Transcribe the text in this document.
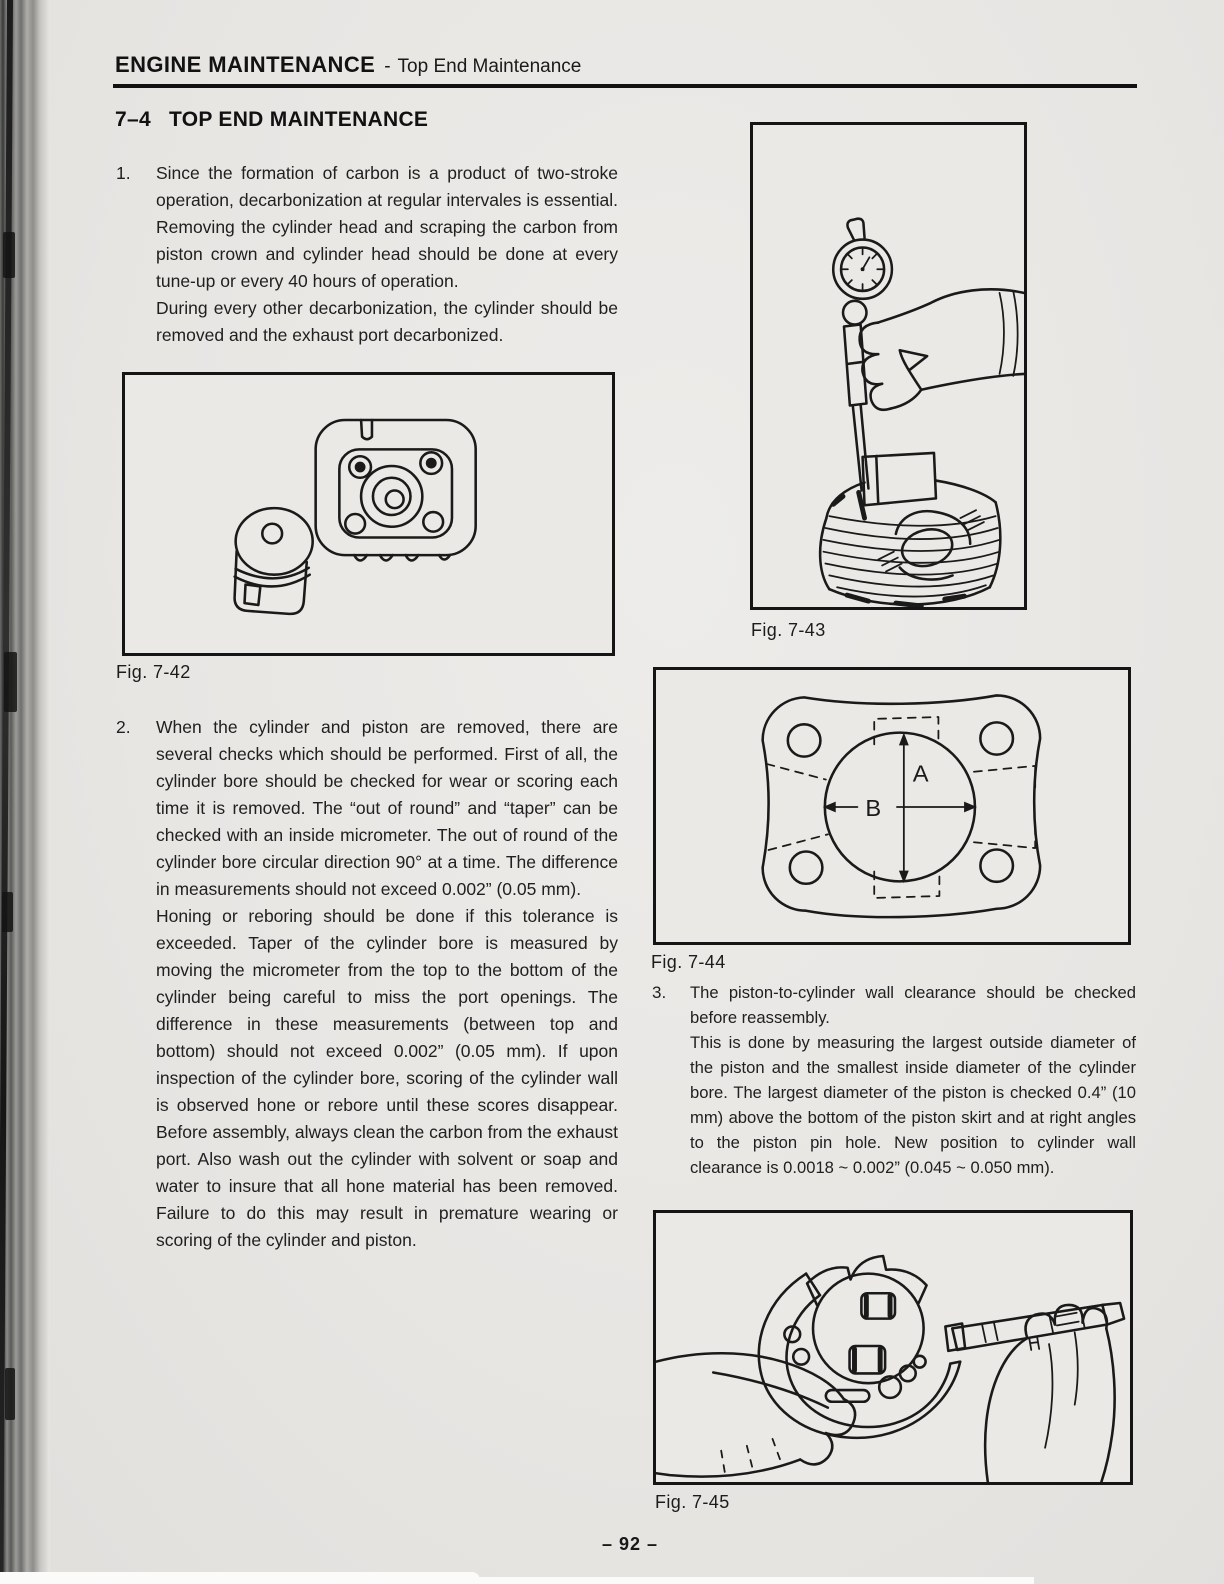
ENGINE MAINTENANCE - Top End Maintenance
7–4 TOP END MAINTENANCE
1.	Since the formation of carbon is a product of two-stroke operation, decarbonization at regular intervales is essential. Removing the cylinder head and scraping the carbon from piston crown and cylinder head should be done at every tune-up or every 40 hours of operation.

During every other decarbonization, the cylinder should be removed and the exhaust port decarbonized.

Fig. 7-42
2.	When the cylinder and piston are removed, there are several checks which should be performed. First of all, the cylinder bore should be checked for wear or scoring each time it is removed. The “out of round” and “taper” can be checked with an inside micrometer. The out of round of the cylinder bore circular direction 90° at a time. The difference in measurements should not exceed 0.002” (0.05 mm).

Honing or reboring should be done if this tolerance is exceeded. Taper of the cylinder bore is measured by moving the micrometer from the top to the bottom of the cylinder being careful to miss the port openings. The difference in these measurements (between top and bottom) should not exceed 0.002” (0.05 mm). If upon inspection of the cylinder bore, scoring of the cylinder wall is observed hone or rebore until these scores disappear. Before assembly, always clean the carbon from the exhaust port. Also wash out the cylinder with solvent or soap and water to insure that all hone material has been removed. Failure to do this may result in premature wearing or scoring of the cylinder and piston.

Fig. 7-43
A
B
Fig. 7-44
3.	The piston-to-cylinder wall clearance should be checked before reassembly.

This is done by measuring the largest outside diameter of the piston and the smallest inside diameter of the cylinder bore. The largest diameter of the piston is checked 0.4” (10 mm) above the bottom of the piston skirt and at right angles to the piston pin hole. New position to cylinder wall clearance is 0.0018 ~ 0.002” (0.045 ~ 0.050 mm).

Fig. 7-45
– 92 –
